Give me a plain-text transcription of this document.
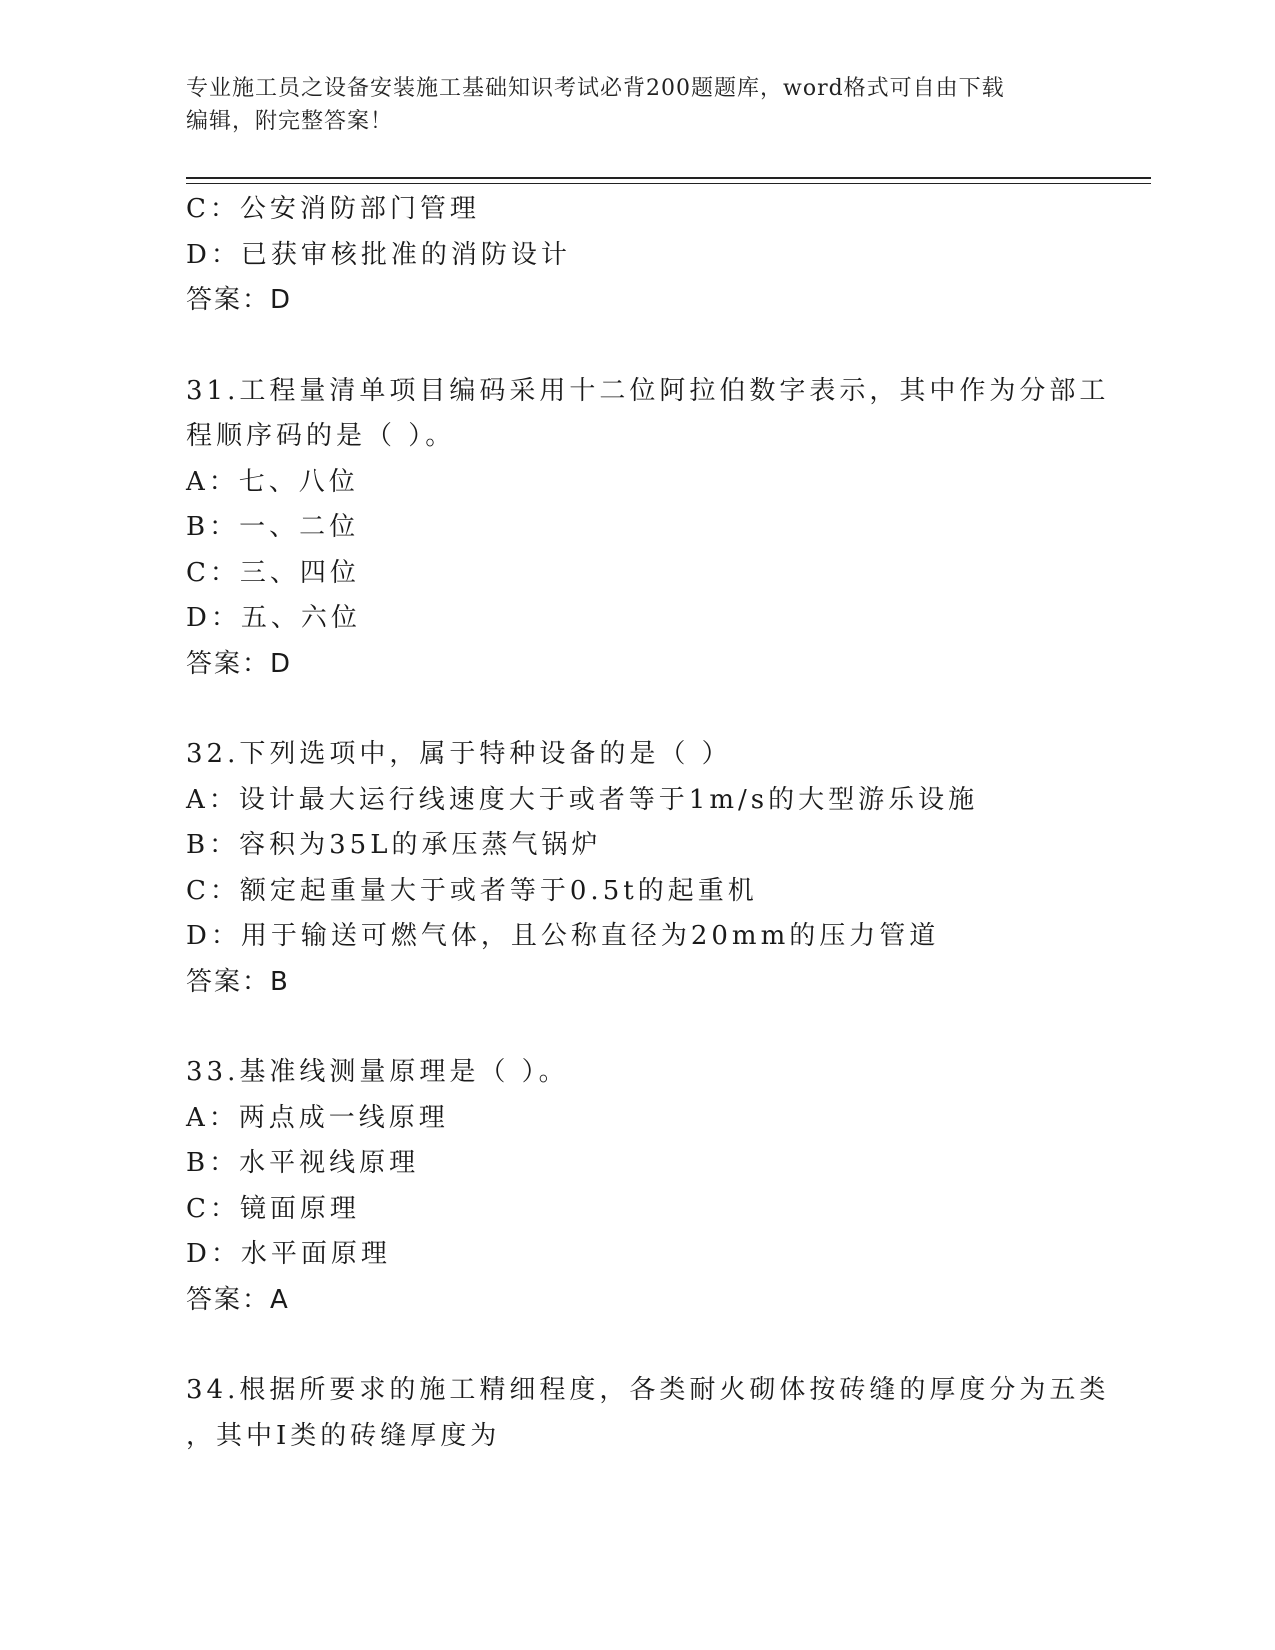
专业施工员之设备安装施工基础知识考试必背200题题库，word格式可自由下载
编辑，附完整答案！
C：公安消防部门管理
D：已获审核批准的消防设计
答案：D
31.工程量清单项目编码采用十二位阿拉伯数字表示，其中作为分部工
程顺序码的是（ ）。
A：七、八位
B：一、二位
C：三、四位
D：五、六位
答案：D
32.下列选项中，属于特种设备的是（ ）
A：设计最大运行线速度大于或者等于1m/s的大型游乐设施
B：容积为35L的承压蒸气锅炉
C：额定起重量大于或者等于0.5t的起重机
D：用于输送可燃气体，且公称直径为20mm的压力管道
答案：B
33.基准线测量原理是（ ）。
A：两点成一线原理
B：水平视线原理
C：镜面原理
D：水平面原理
答案：A
34.根据所要求的施工精细程度，各类耐火砌体按砖缝的厚度分为五类
，其中Ⅰ类的砖缝厚度为
